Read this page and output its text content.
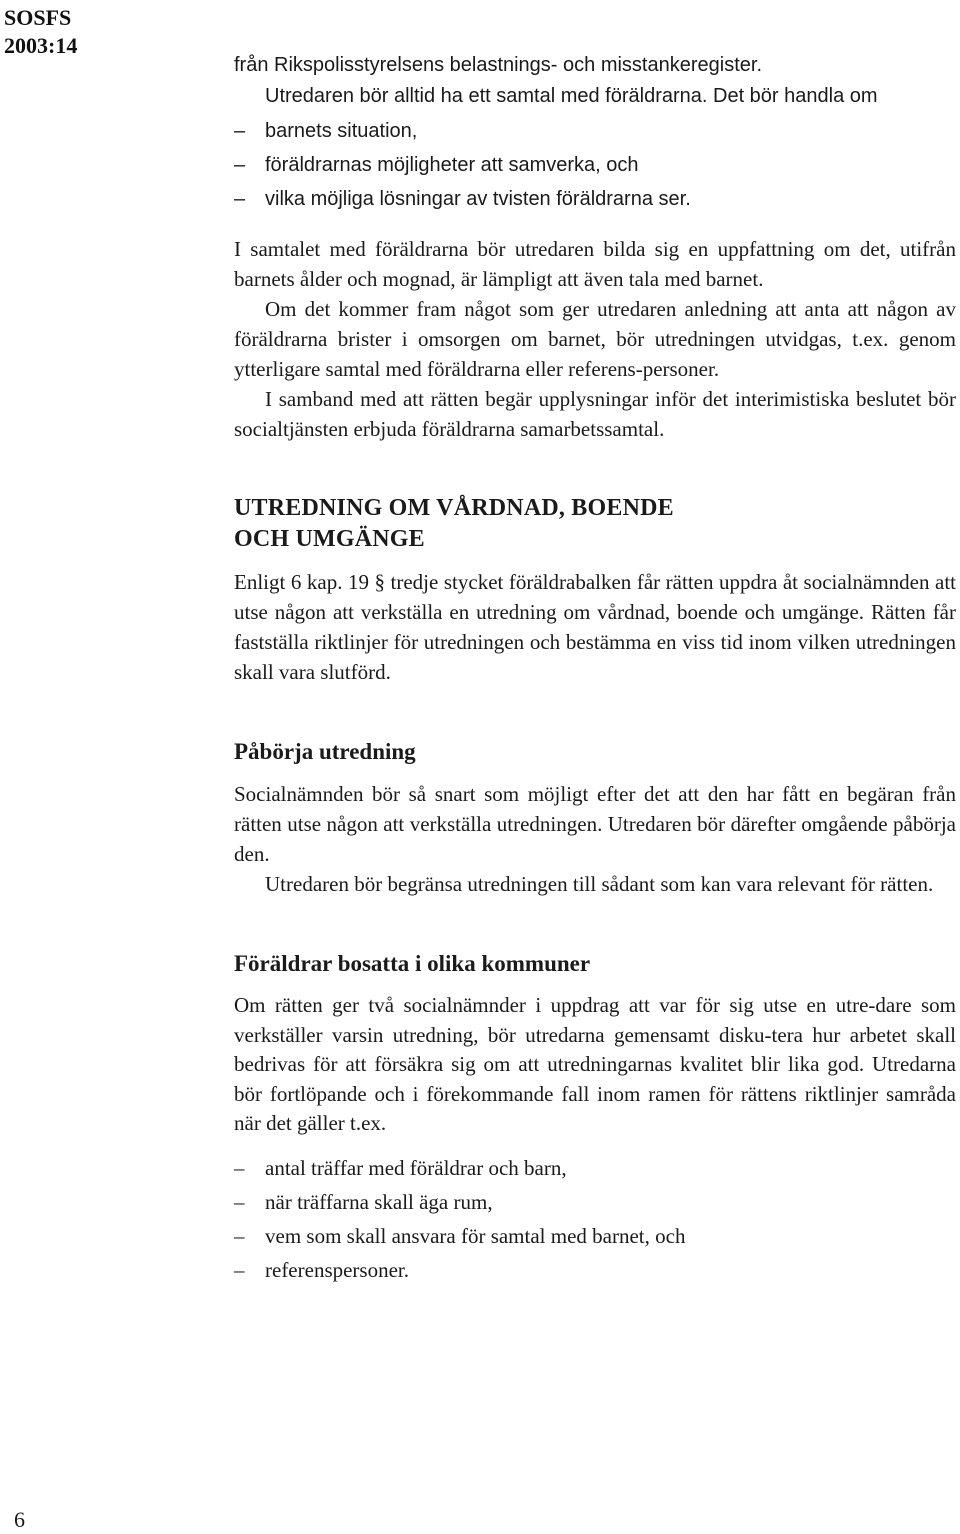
SOSFS
2003:14
från Rikspolisstyrelsens belastnings- och misstankeregister.

Utredaren bör alltid ha ett samtal med föräldrarna. Det bör handla om

– barnets situation,
– föräldrarnas möjligheter att samverka, och
– vilka möjliga lösningar av tvisten föräldrarna ser.

I samtalet med föräldrarna bör utredaren bilda sig en uppfattning om det, utifrån barnets ålder och mognad, är lämpligt att även tala med barnet.

Om det kommer fram något som ger utredaren anledning att anta att någon av föräldrarna brister i omsorgen om barnet, bör utredningen utvidgas, t.ex. genom ytterligare samtal med föräldrarna eller referens-personer.

I samband med att rätten begär upplysningar inför det interimistiska beslutet bör socialtjänsten erbjuda föräldrarna samarbetssamtal.

UTREDNING OM VÅRDNAD, BOENDE
OCH UMGÄNGE

Enligt 6 kap. 19 § tredje stycket föräldrabalken får rätten uppdra åt socialnämnden att utse någon att verkställa en utredning om vårdnad, boende och umgänge. Rätten får fastställa riktlinjer för utredningen och bestämma en viss tid inom vilken utredningen skall vara slutförd.

Påbörja utredning

Socialnämnden bör så snart som möjligt efter det att den har fått en begäran från rätten utse någon att verkställa utredningen. Utredaren bör därefter omgående påbörja den.

Utredaren bör begränsa utredningen till sådant som kan vara relevant för rätten.

Föräldrar bosatta i olika kommuner

Om rätten ger två socialnämnder i uppdrag att var för sig utse en utre-dare som verkställer varsin utredning, bör utredarna gemensamt disku-tera hur arbetet skall bedrivas för att försäkra sig om att utredningarnas kvalitet blir lika god. Utredarna bör fortlöpande och i förekommande fall inom ramen för rättens riktlinjer samråda när det gäller t.ex.

– antal träffar med föräldrar och barn,
– när träffarna skall äga rum,
– vem som skall ansvara för samtal med barnet, och
– referenspersoner.
6
